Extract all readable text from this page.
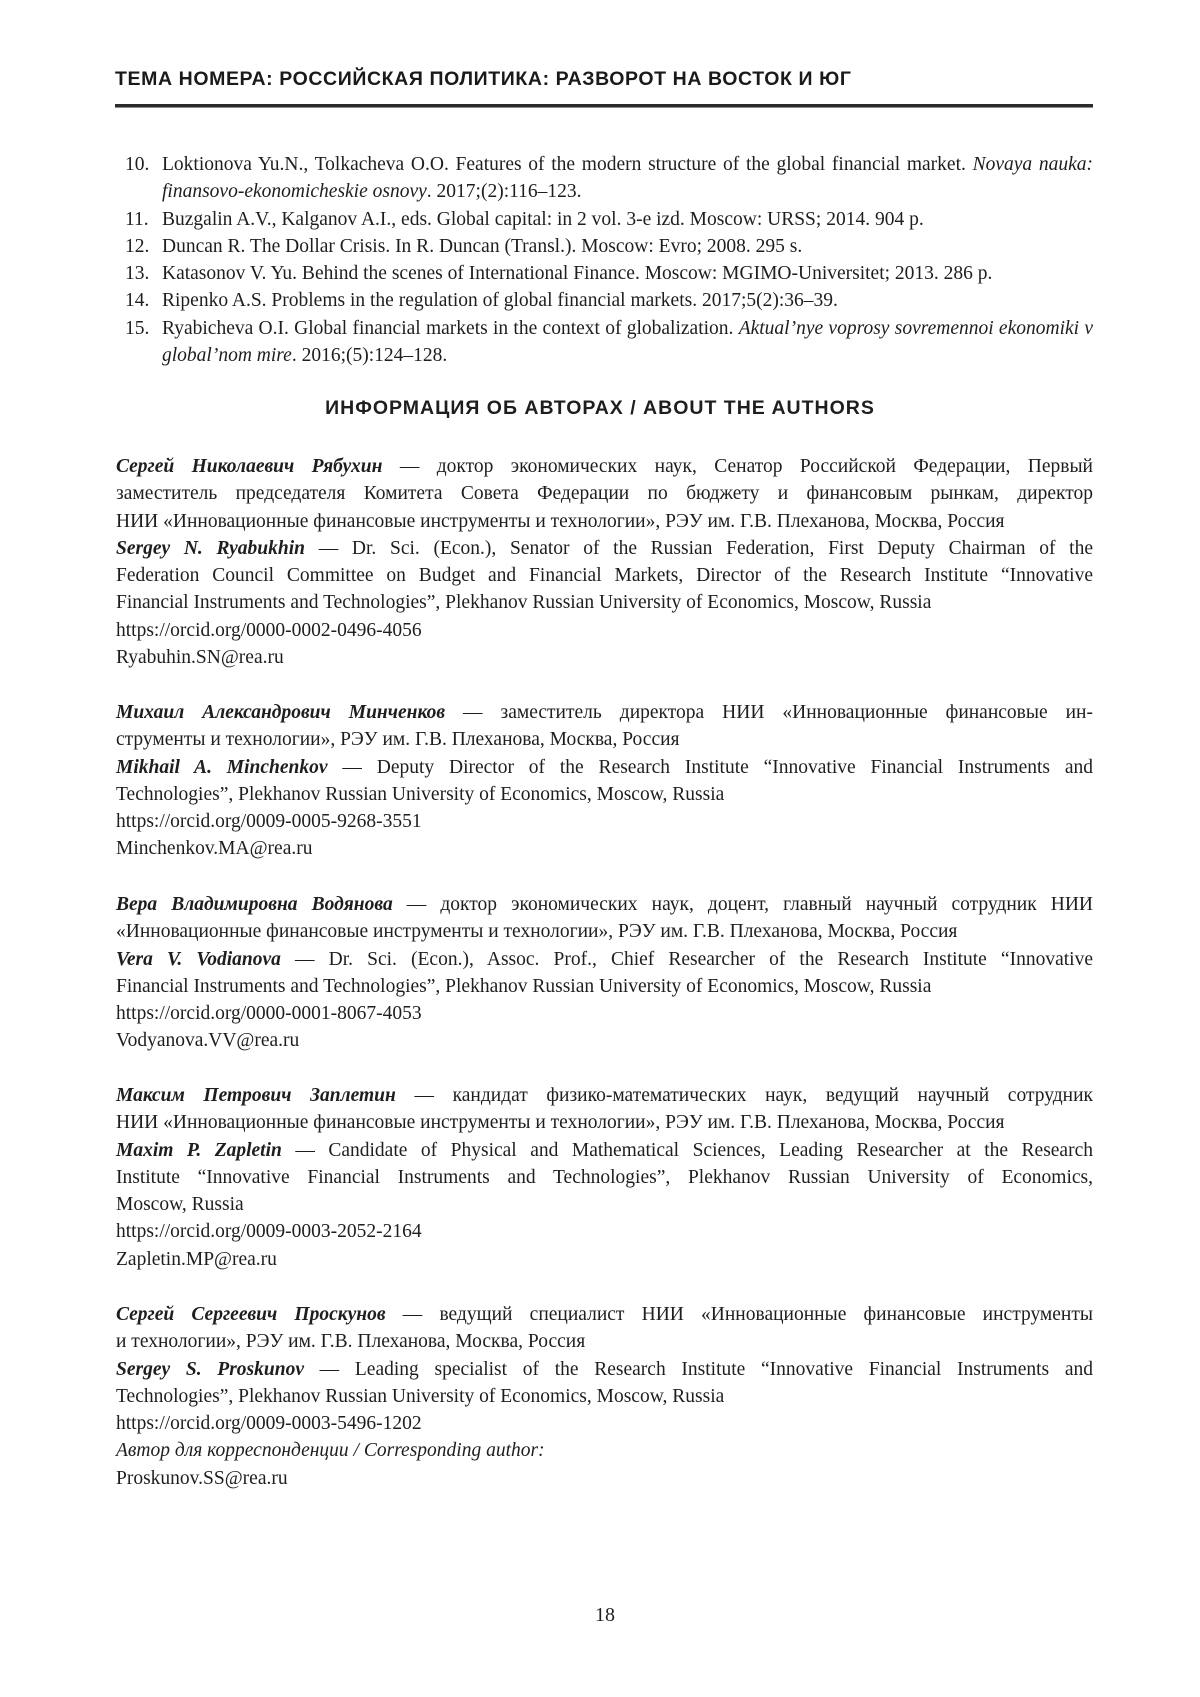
ТЕМА НОМЕРА: РОССИЙСКАЯ ПОЛИТИКА: РАЗВОРОТ НА ВОСТОК И ЮГ
10. Loktionova Yu.N., Tolkacheva O.O. Features of the modern structure of the global financial market. Novaya nauka: finansovo-ekonomicheskie osnovy. 2017;(2):116–123.
11. Buzgalin A.V., Kalganov A.I., eds. Global capital: in 2 vol. 3-e izd. Moscow: URSS; 2014. 904 p.
12. Duncan R. The Dollar Crisis. In R. Duncan (Transl.). Moscow: Evro; 2008. 295 s.
13. Katasonov V. Yu. Behind the scenes of International Finance. Moscow: MGIMO-Universitet; 2013. 286 p.
14. Ripenko A.S. Problems in the regulation of global financial markets. 2017;5(2):36–39.
15. Ryabicheva O.I. Global financial markets in the context of globalization. Aktual’nye voprosy sovremennoi ekonomiki v global’nom mire. 2016;(5):124–128.
ИНФОРМАЦИЯ ОБ АВТОРАХ / ABOUT THE AUTHORS
Сергей Николаевич Рябухин — доктор экономических наук, Сенатор Российской Федерации, Первый
заместитель председателя Комитета Совета Федерации по бюджету и финансовым рынкам, директор
НИИ «Инновационные финансовые инструменты и технологии», РЭУ им. Г.В. Плеханова, Москва, Россия
Sergey N. Ryabukhin — Dr. Sci. (Econ.), Senator of the Russian Federation, First Deputy Chairman of the
Federation Council Committee on Budget and Financial Markets, Director of the Research Institute “Innovative
Financial Instruments and Technologies”, Plekhanov Russian University of Economics, Moscow, Russia
https://orcid.org/0000-0002-0496-4056
Ryabuhin.SN@rea.ru
Михаил Александрович Минченков — заместитель директора НИИ «Инновационные финансовые ин-
струменты и технологии», РЭУ им. Г.В. Плеханова, Москва, Россия
Mikhail A. Minchenkov — Deputy Director of the Research Institute “Innovative Financial Instruments and
Technologies”, Plekhanov Russian University of Economics, Moscow, Russia
https://orcid.org/0009-0005-9268-3551
Minchenkov.MA@rea.ru
Вера Владимировна Водянова — доктор экономических наук, доцент, главный научный сотрудник НИИ
«Инновационные финансовые инструменты и технологии», РЭУ им. Г.В. Плеханова, Москва, Россия
Vera V. Vodianova — Dr. Sci. (Econ.), Assoc. Prof., Chief Researcher of the Research Institute “Innovative
Financial Instruments and Technologies”, Plekhanov Russian University of Economics, Moscow, Russia
https://orcid.org/0000-0001-8067-4053
Vodyanova.VV@rea.ru
Максим Петрович Заплетин — кандидат физико-математических наук, ведущий научный сотрудник
НИИ «Инновационные финансовые инструменты и технологии», РЭУ им. Г.В. Плеханова, Москва, Россия
Maxim P. Zapletin — Candidate of Physical and Mathematical Sciences, Leading Researcher at the Research
Institute “Innovative Financial Instruments and Technologies”, Plekhanov Russian University of Economics,
Moscow, Russia
https://orcid.org/0009-0003-2052-2164
Zapletin.MP@rea.ru
Сергей Сергеевич Проскунов — ведущий специалист НИИ «Инновационные финансовые инструменты
и технологии», РЭУ им. Г.В. Плеханова, Москва, Россия
Sergey S. Proskunov — Leading specialist of the Research Institute “Innovative Financial Instruments and
Technologies”, Plekhanov Russian University of Economics, Moscow, Russia
https://orcid.org/0009-0003-5496-1202
Автор для корреспонденции / Corresponding author:
Proskunov.SS@rea.ru
18
